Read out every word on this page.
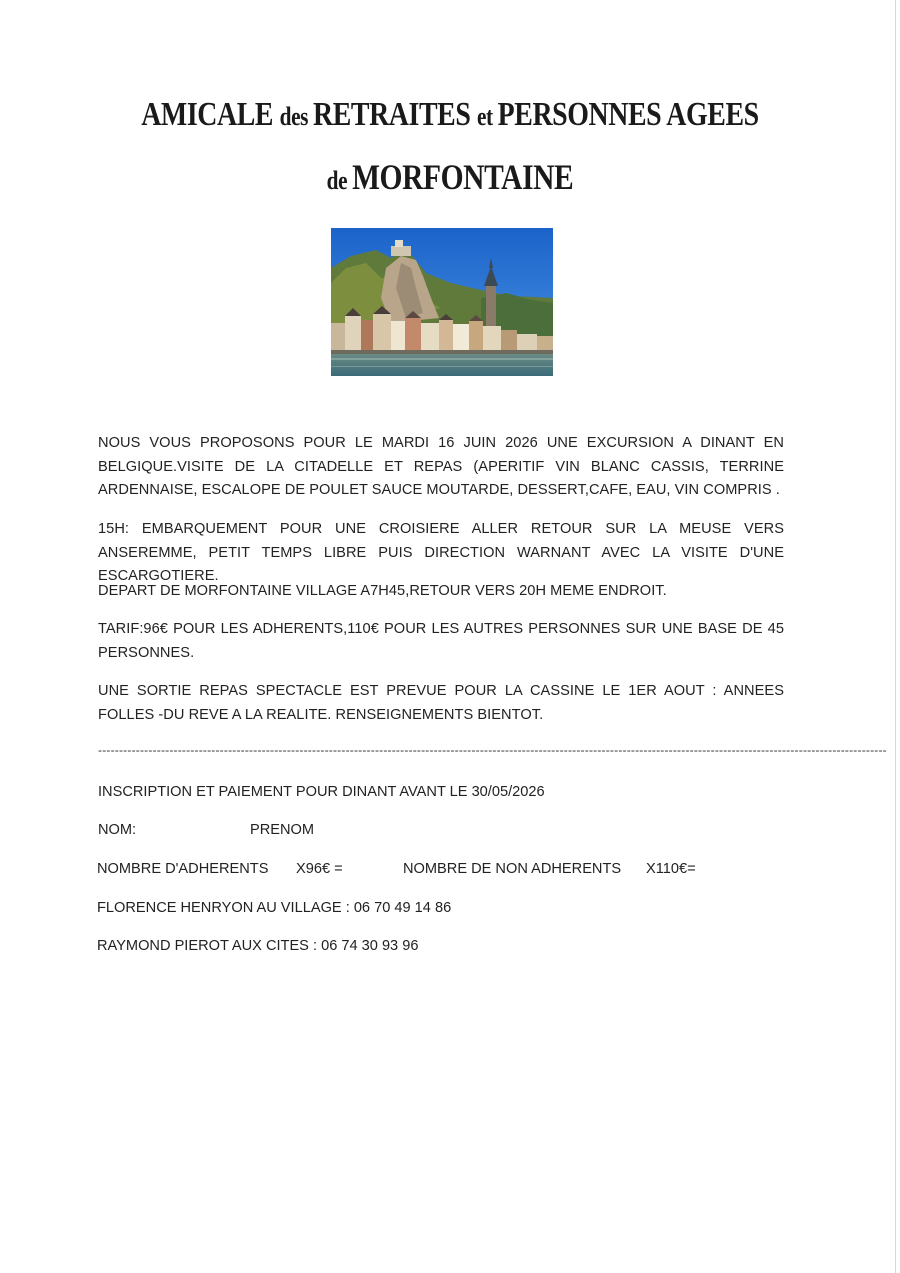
AMICALE des RETRAITES et PERSONNES AGEES
de MORFONTAINE
NOUS VOUS PROPOSONS POUR LE MARDI 16 JUIN 2026 UNE EXCURSION A DINANT EN BELGIQUE.VISITE DE LA CITADELLE ET REPAS (APERITIF VIN BLANC CASSIS, TERRINE ARDENNAISE, ESCALOPE DE POULET SAUCE MOUTARDE, DESSERT,CAFE, EAU, VIN COMPRIS .
15H: EMBARQUEMENT POUR UNE CROISIERE ALLER RETOUR SUR LA MEUSE VERS ANSEREMME, PETIT TEMPS LIBRE PUIS DIRECTION WARNANT AVEC LA VISITE D'UNE ESCARGOTIERE.
DEPART DE MORFONTAINE VILLAGE A7H45,RETOUR VERS 20H MEME ENDROIT.
TARIF:96€ POUR LES ADHERENTS,110€ POUR LES AUTRES PERSONNES SUR UNE BASE DE 45 PERSONNES.
UNE SORTIE REPAS SPECTACLE EST PREVUE POUR LA CASSINE LE 1ER AOUT : ANNEES FOLLES -DU REVE A LA REALITE. RENSEIGNEMENTS BIENTOT.
--------------------------------------------------------------------------------------------------------------------------------------------------------------------------------------------
INSCRIPTION ET PAIEMENT POUR DINANT AVANT LE 30/05/2026
NOM:	PRENOM
NOMBRE D'ADHERENTS X96€ =	NOMBRE DE NON ADHERENTS X110€=
FLORENCE HENRYON AU VILLAGE : 06 70 49 14 86
RAYMOND PIEROT AUX CITES : 06 74 30 93 96
